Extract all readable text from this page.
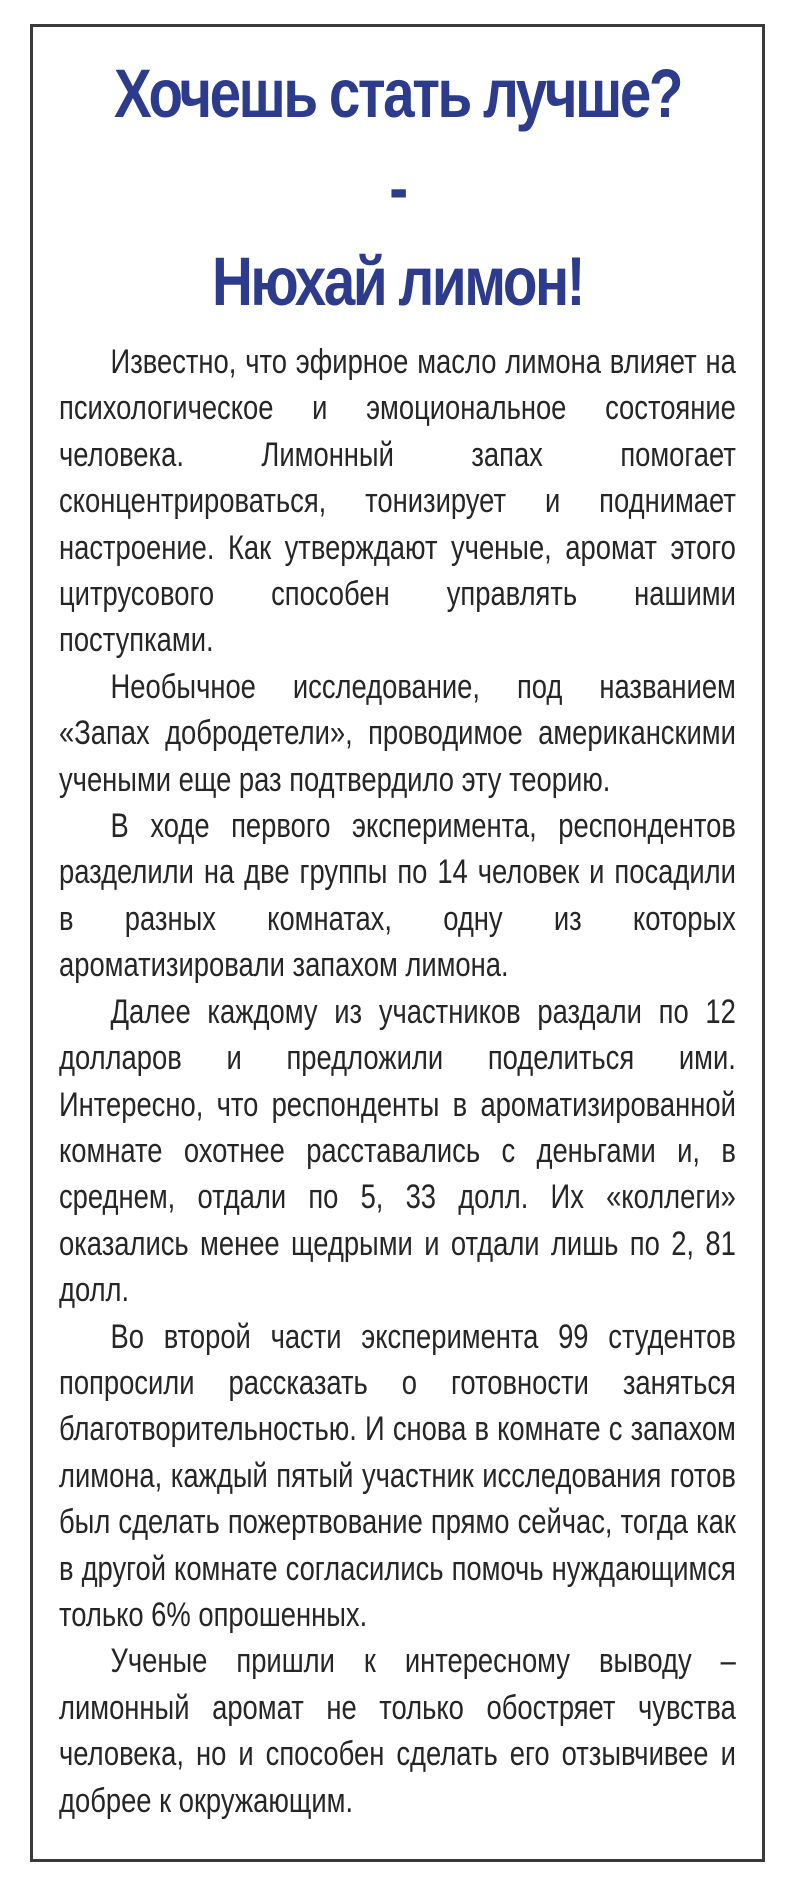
Хочешь стать лучше? -
Нюхай лимон!

Известно, что эфирное масло лимона влияет на психологическое и эмоциональное состояние человека. Лимонный запах помогает сконцентрироваться, тонизирует и поднимает настроение. Как утверждают ученые, аромат этого цитрусового способен управлять нашими поступками.

Необычное исследование, под названием «Запах добродетели», проводимое американскими учеными еще раз подтвердило эту теорию.

В ходе первого эксперимента, респондентов разделили на две группы по 14 человек и посадили в разных комнатах, одну из которых ароматизировали запахом лимона.

Далее каждому из участников раздали по 12 долларов и предложили поделиться ими. Интересно, что респонденты в ароматизированной комнате охотнее расставались с деньгами и, в среднем, отдали по 5, 33 долл. Их «коллеги» оказались менее щедрыми и отдали лишь по 2, 81 долл.

Во второй части эксперимента 99 студентов попросили рассказать о готовности заняться благотворительностью. И снова в комнате с запахом лимона, каждый пятый участник исследования готов был сделать пожертвование прямо сейчас, тогда как в другой комнате согласились помочь нуждающимся только 6% опрошенных.

Ученые пришли к интересному выводу – лимонный аромат не только обостряет чувства человека, но и способен сделать его отзывчивее и добрее к окружающим.
